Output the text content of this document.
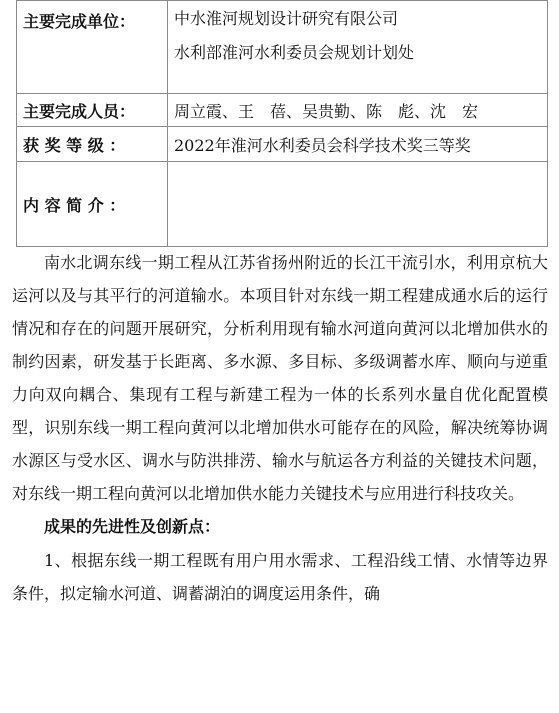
主要完成单位：	中水淮河规划设计研究有限公司
水利部淮河水利委员会规划计划处

主要完成人员：	周立霞、王　蓓、吴贵勤、陈　彪、沈　宏
获 奖 等 级 ：	2022年淮河水利委员会科学技术奖三等奖
内 容 简 介 ：	

南水北调东线一期工程从江苏省扬州附近的长江干流引水，利用京杭大运河以及与其平行的河道输水。本项目针对东线一期工程建成通水后的运行情况和存在的问题开展研究，分析利用现有输水河道向黄河以北增加供水的制约因素，研发基于长距离、多水源、多目标、多级调蓄水库、顺向与逆重力向双向耦合、集现有工程与新建工程为一体的长系列水量自优化配置模型，识别东线一期工程向黄河以北增加供水可能存在的风险，解决统筹协调水源区与受水区、调水与防洪排涝、输水与航运各方利益的关键技术问题，对东线一期工程向黄河以北增加供水能力关键技术与应用进行科技攻关。

成果的先进性及创新点：

1、根据东线一期工程既有用户用水需求、工程沿线工情、水情等边界条件，拟定输水河道、调蓄湖泊的调度运用条件，确
